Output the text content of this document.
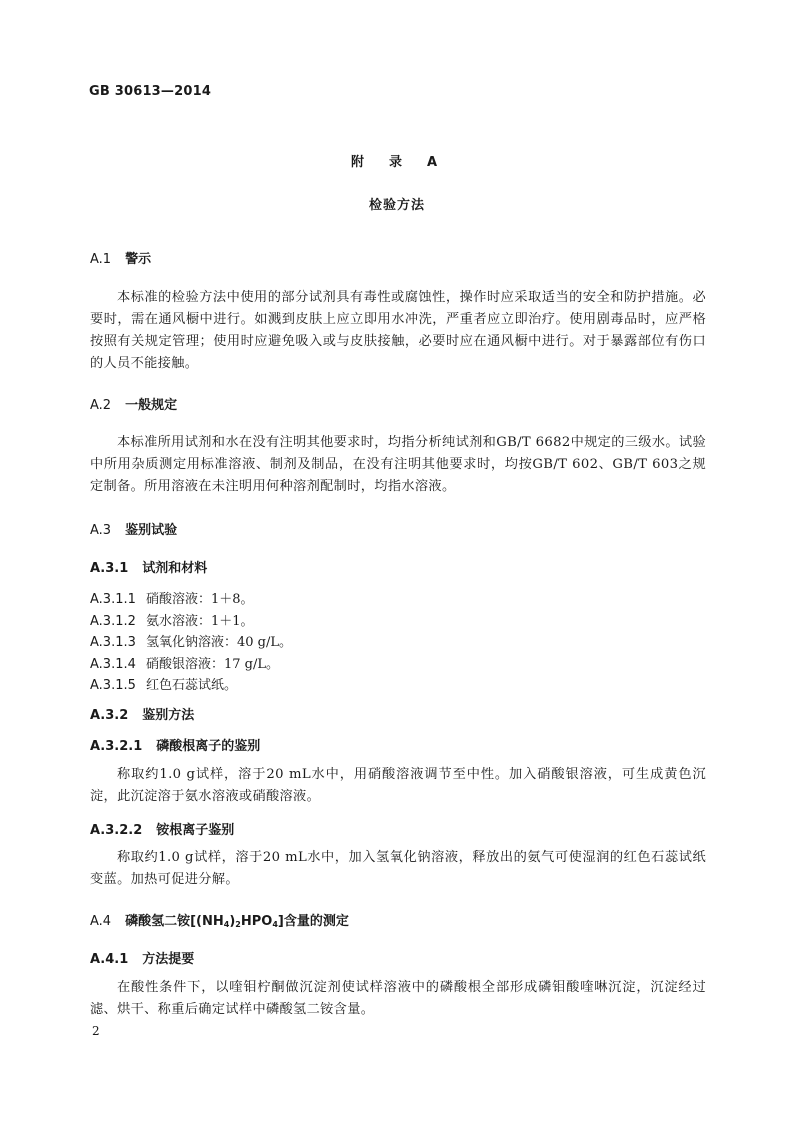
GB 30613—2014
附　录　A
检验方法
A.1 警示
本标准的检验方法中使用的部分试剂具有毒性或腐蚀性，操作时应采取适当的安全和防护措施。必要时，需在通风橱中进行。如溅到皮肤上应立即用水冲洗，严重者应立即治疗。使用剧毒品时，应严格按照有关规定管理；使用时应避免吸入或与皮肤接触，必要时应在通风橱中进行。对于暴露部位有伤口的人员不能接触。
A.2 一般规定
本标准所用试剂和水在没有注明其他要求时，均指分析纯试剂和GB/T 6682中规定的三级水。试验中所用杂质测定用标准溶液、制剂及制品，在没有注明其他要求时，均按GB/T 602、GB/T 603之规定制备。所用溶液在未注明用何种溶剂配制时，均指水溶液。
A.3 鉴别试验
A.3.1 试剂和材料
A.3.1.1 硝酸溶液：1＋8。
A.3.1.2 氨水溶液：1＋1。
A.3.1.3 氢氧化钠溶液：40 g/L。
A.3.1.4 硝酸银溶液：17 g/L。
A.3.1.5 红色石蕊试纸。
A.3.2 鉴别方法
A.3.2.1 磷酸根离子的鉴别
称取约1.0 g试样，溶于20 mL水中，用硝酸溶液调节至中性。加入硝酸银溶液，可生成黄色沉淀，此沉淀溶于氨水溶液或硝酸溶液。
A.3.2.2 铵根离子鉴别
称取约1.0 g试样，溶于20 mL水中，加入氢氧化钠溶液，释放出的氨气可使湿润的红色石蕊试纸变蓝。加热可促进分解。
A.4 磷酸氢二铵$[(NH_4)_2HPO_4]$含量的测定
A.4.1 方法提要
在酸性条件下，以喹钼柠酮做沉淀剂使试样溶液中的磷酸根全部形成磷钼酸喹啉沉淀，沉淀经过滤、烘干、称重后确定试样中磷酸氢二铵含量。
2
